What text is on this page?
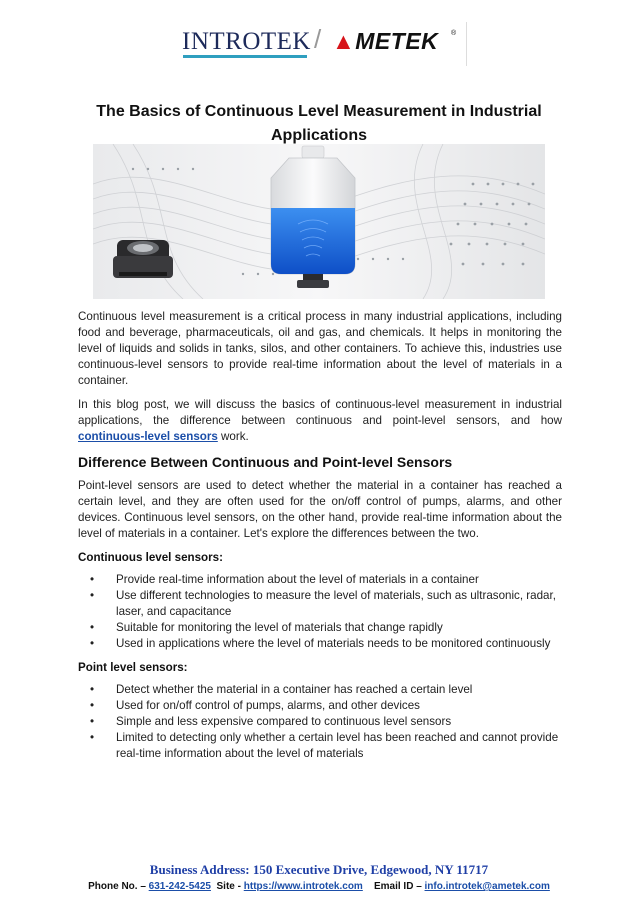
INTROTEK / ▲METEK ®
The Basics of Continuous Level Measurement in Industrial Applications

Continuous level measurement is a critical process in many industrial applications, including food and beverage, pharmaceuticals, oil and gas, and chemicals. It helps in monitoring the level of liquids and solids in tanks, silos, and other containers. To achieve this, industries use continuous-level sensors to provide real-time information about the level of materials in a container.

In this blog post, we will discuss the basics of continuous-level measurement in industrial applications, the difference between continuous and point-level sensors, and how continuous-level sensors work.

Difference Between Continuous and Point-level Sensors

Point-level sensors are used to detect whether the material in a container has reached a certain level, and they are often used for the on/off control of pumps, alarms, and other devices. Continuous level sensors, on the other hand, provide real-time information about the level of materials in a container. Let's explore the differences between the two.

Continuous level sensors:
• Provide real-time information about the level of materials in a container
• Use different technologies to measure the level of materials, such as ultrasonic, radar, laser, and capacitance
• Suitable for monitoring the level of materials that change rapidly
• Used in applications where the level of materials needs to be monitored continuously
Point level sensors:
• Detect whether the material in a container has reached a certain level
• Used for on/off control of pumps, alarms, and other devices
• Simple and less expensive compared to continuous level sensors
• Limited to detecting only whether a certain level has been reached and cannot provide real-time information about the level of materials
Business Address: 150 Executive Drive, Edgewood, NY 11717
Phone No. – 631-242-5425 Site - https://www.introtek.com Email ID – info.introtek@ametek.com
